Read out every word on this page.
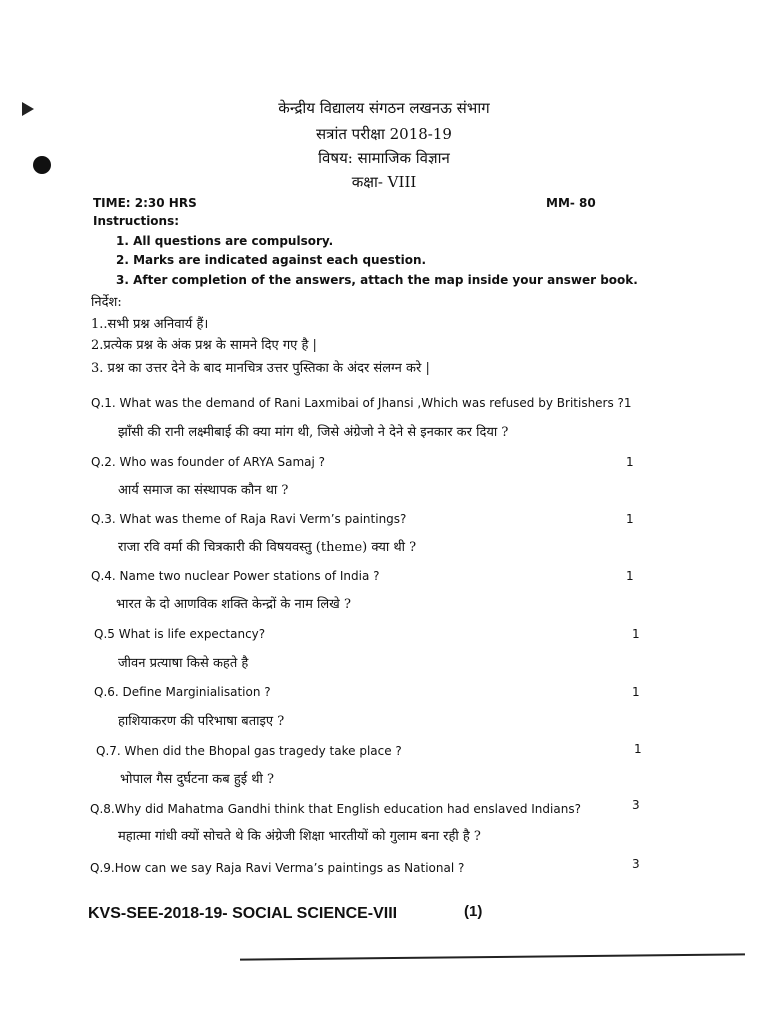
केन्द्रीय विद्यालय संगठन लखनऊ संभाग
सत्रांत परीक्षा 2018-19
विषय: सामाजिक विज्ञान
कक्षा- VIII
TIME: 2:30 HRS	MM- 80
Instructions:
1. All questions are compulsory.
2. Marks are indicated against each question.
3. After completion of the answers, attach the map inside your answer book.
निर्देश:
1..सभी प्रश्न अनिवार्य हैं।
2.प्रत्येक प्रश्न के अंक प्रश्न के सामने दिए गए है |
3. प्रश्न का उत्तर देने के बाद मानचित्र उत्तर पुस्तिका के अंदर संलग्न करे |
Q.1. What was the demand of Rani Laxmibai of Jhansi ,Which was refused by Britishers ?1
झाँसी की रानी लक्ष्मीबाई की क्या मांग थी, जिसे अंग्रेजो ने देने से इनकार कर दिया ?
Q.2. Who was founder of ARYA Samaj ?	1
आर्य समाज का संस्थापक कौन था ?
Q.3. What was theme of Raja Ravi Verm’s paintings?	1
राजा रवि वर्मा की चित्रकारी की विषयवस्तु (theme) क्या थी ?
Q.4. Name two nuclear Power stations of India ?	1
भारत के दो आणविक शक्ति केन्द्रों के नाम लिखे ?
Q.5 What is life expectancy?	1
जीवन प्रत्याषा किसे कहते है
Q.6. Define Marginialisation ?	1
हाशियाकरण की परिभाषा बताइए ?
Q.7. When did the Bhopal gas tragedy take place ?	1
भोपाल गैस दुर्घटना कब हुई थी ?
Q.8.Why did Mahatma Gandhi think that English education had enslaved Indians?	3
महात्मा गांधी क्यों सोचते थे कि अंग्रेजी शिक्षा भारतीयों को गुलाम बना रही है ?
Q.9.How can we say Raja Ravi Verma’s paintings as National ?	3
KVS-SEE-2018-19- SOCIAL SCIENCE-VIII	(1)
